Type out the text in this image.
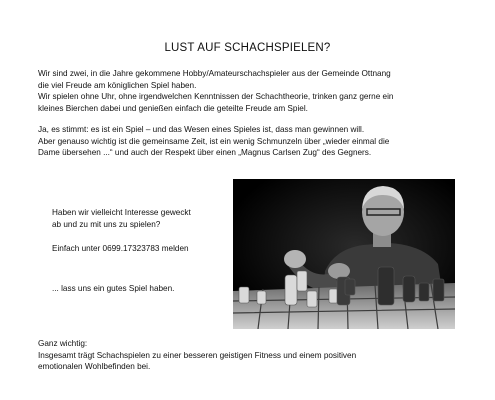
LUST AUF SCHACHSPIELEN?
Wir sind zwei, in die Jahre gekommene Hobby/Amateurschachspieler aus der Gemeinde Ottnang
die viel Freude am königlichen Spiel haben.
Wir spielen ohne Uhr, ohne irgendwelchen Kenntnissen der Schachtheorie, trinken ganz gerne ein
kleines Bierchen dabei und genießen einfach die geteilte Freude am Spiel.
Ja, es stimmt: es ist ein Spiel – und das Wesen eines Spieles ist, dass man gewinnen will.
Aber genauso wichtig ist die gemeinsame Zeit, ist ein wenig Schmunzeln über „wieder einmal die
Dame übersehen ...“ und auch der Respekt über einen „Magnus Carlsen Zug“ des Gegners.
Haben wir vielleicht Interesse geweckt
ab und zu mit uns zu spielen?
Einfach unter 0699.17323783 melden
... lass uns ein gutes Spiel haben.
Ganz wichtig:
Insgesamt trägt Schachspielen zu einer besseren geistigen Fitness und einem positiven
emotionalen Wohlbefinden bei.
